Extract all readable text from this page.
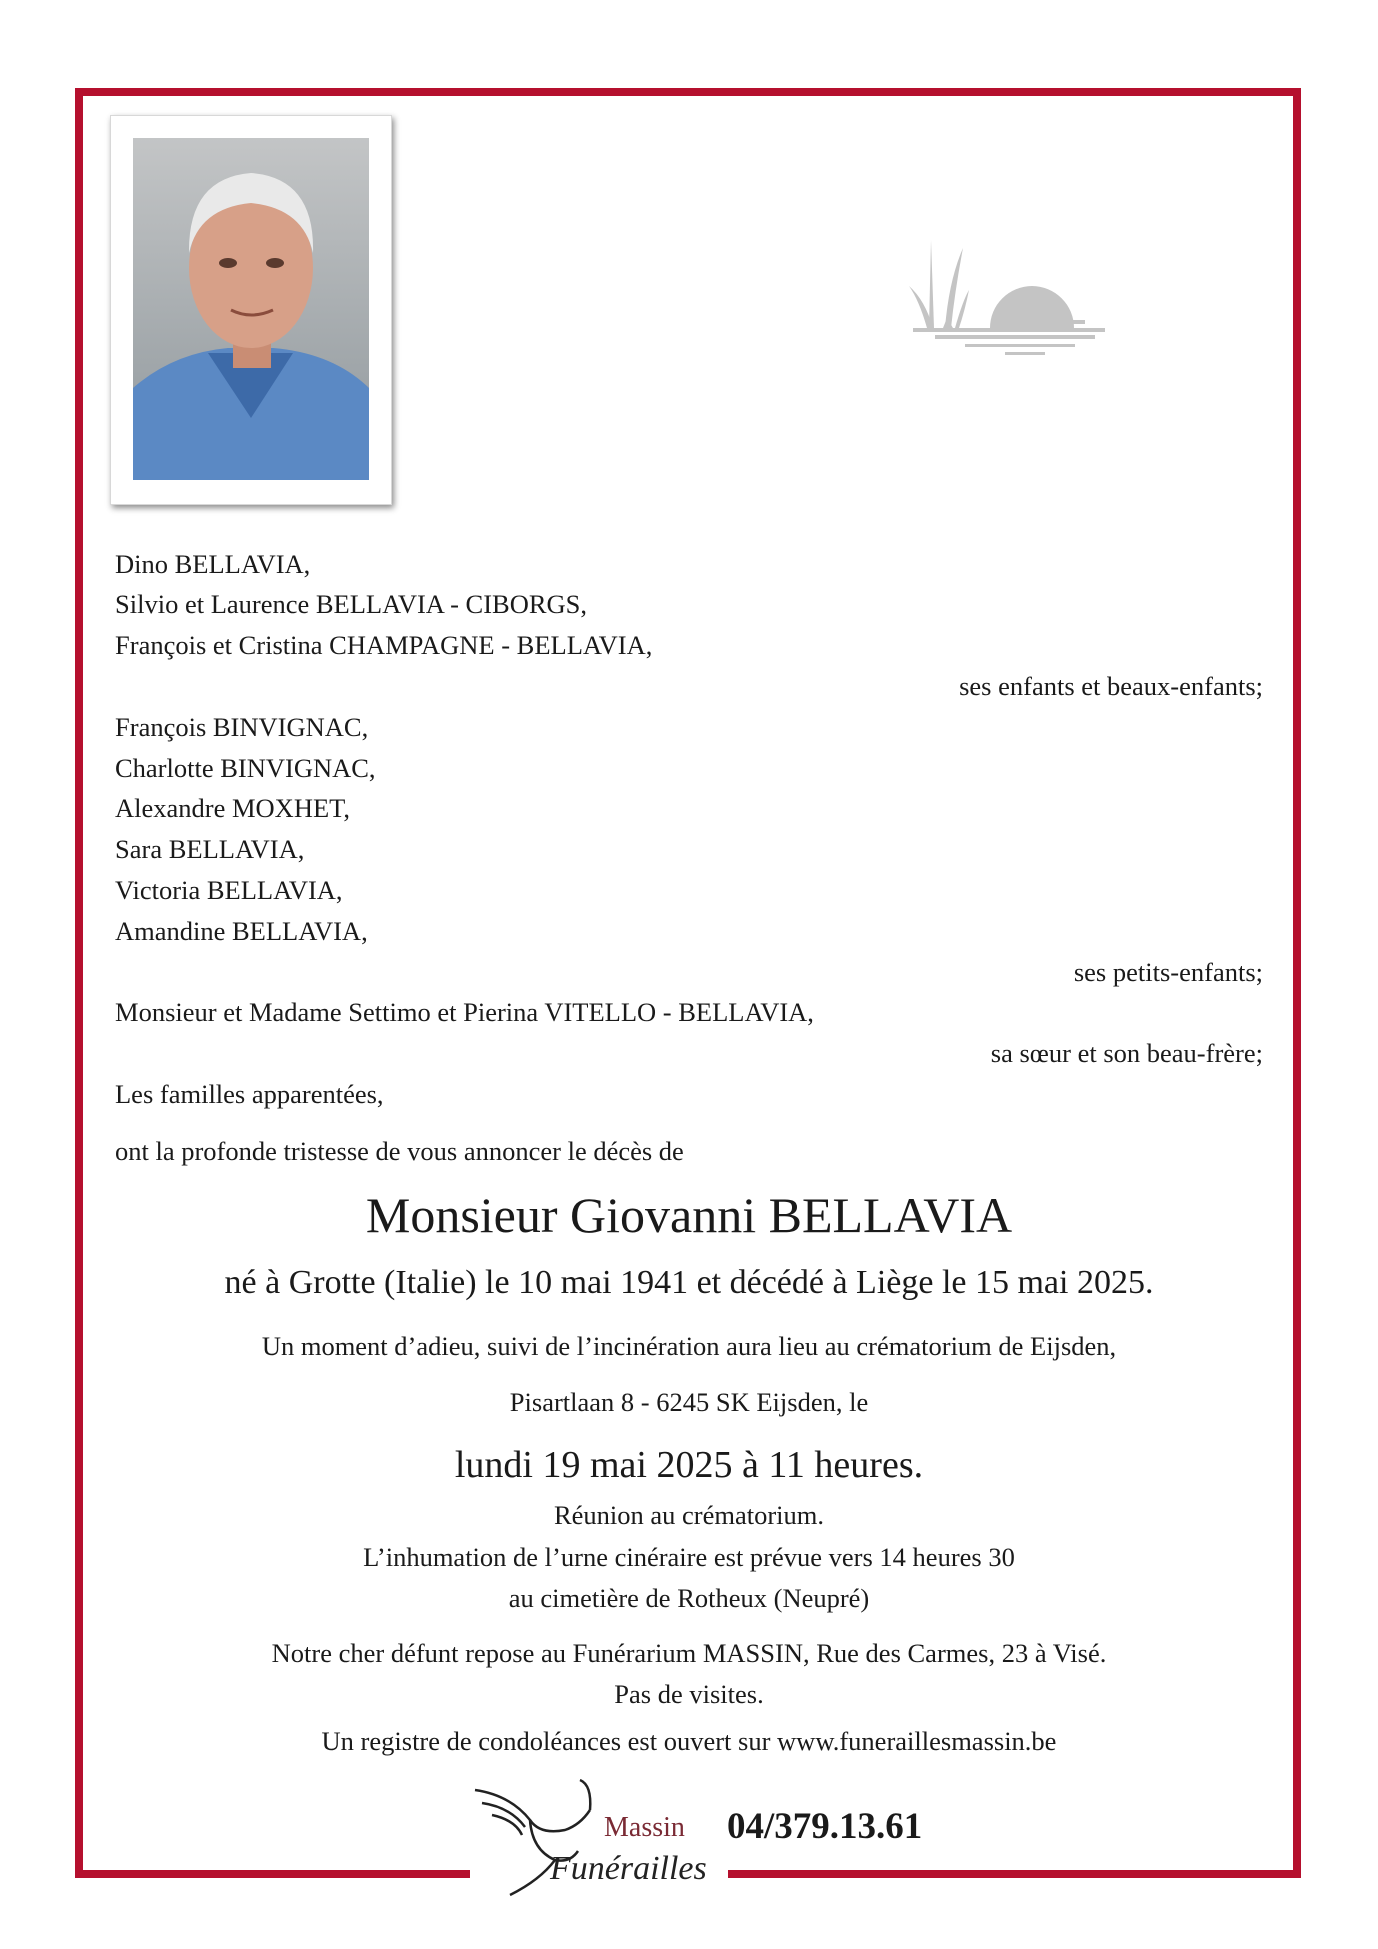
Dino BELLAVIA,
Silvio et Laurence BELLAVIA - CIBORGS,
François et Cristina CHAMPAGNE - BELLAVIA,
ses enfants et beaux-enfants;
François BINVIGNAC,
Charlotte BINVIGNAC,
Alexandre MOXHET,
Sara BELLAVIA,
Victoria BELLAVIA,
Amandine BELLAVIA,
ses petits-enfants;
Monsieur et Madame Settimo et Pierina VITELLO - BELLAVIA,
sa sœur et son beau-frère;
Les familles apparentées,
ont la profonde tristesse de vous annoncer le décès de
Monsieur Giovanni BELLAVIA
né à Grotte (Italie) le 10 mai 1941 et décédé à Liège le 15 mai 2025.
Un moment d’adieu, suivi de l’incinération aura lieu au crématorium de Eijsden,
Pisartlaan 8 - 6245 SK Eijsden, le
lundi 19 mai 2025 à 11 heures.
Réunion au crématorium.
L’inhumation de l’urne cinéraire est prévue vers 14 heures 30
au cimetière de Rotheux (Neupré)
Notre cher défunt repose au Funérarium MASSIN, Rue des Carmes, 23 à Visé.
Pas de visites.
Un registre de condoléances est ouvert sur www.funeraillesmassin.be
Massin
Funérailles
04/379.13.61
